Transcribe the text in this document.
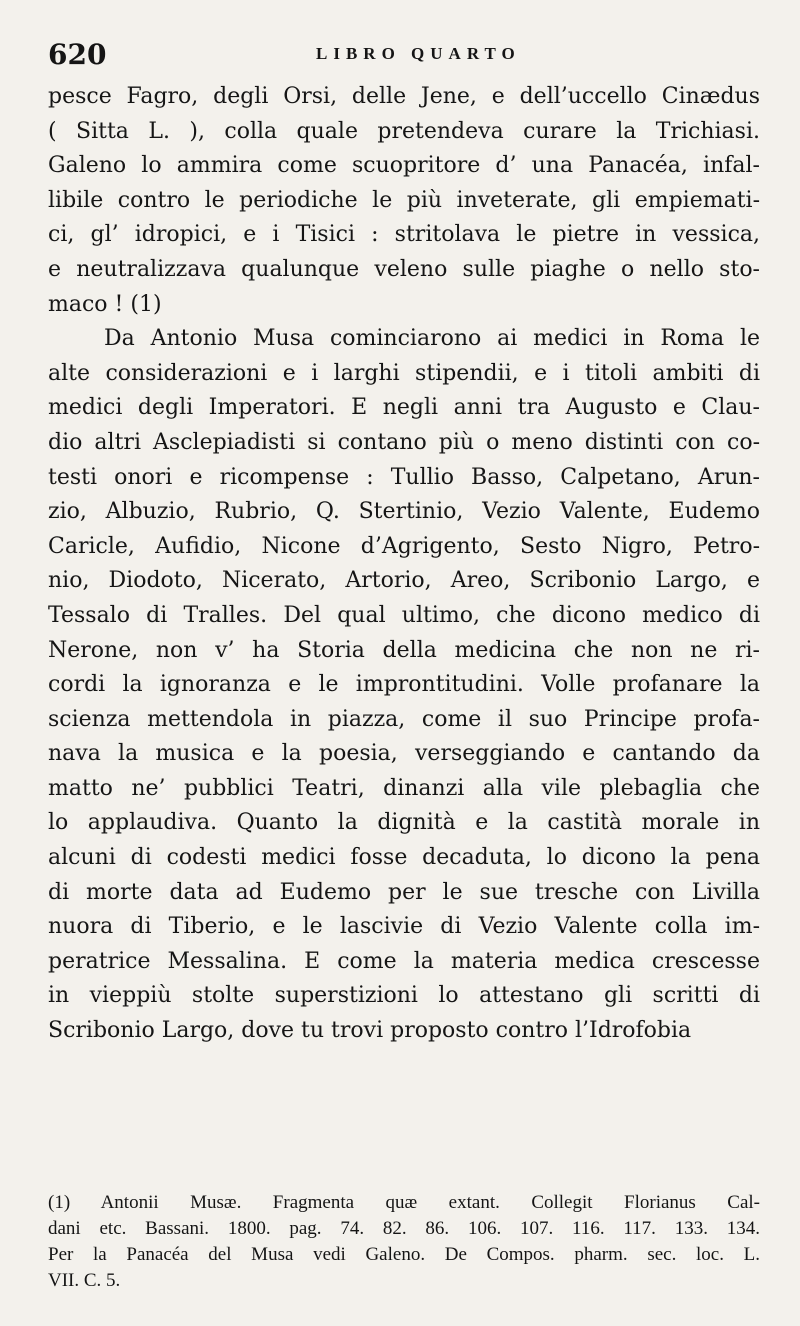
620	LIBRO QUARTO
pesce Fagro, degli Orsi, delle Jene, e dell’uccello Cinædus
( Sitta L. ), colla quale pretendeva curare la Trichiasi.
Galeno lo ammira come scuopritore d’ una Panacéa, infal-
libile contro le periodiche le più inveterate, gli empiemati-
ci, gl’ idropici, e i Tisici : stritolava le pietre in vessica,
e neutralizzava qualunque veleno sulle piaghe o nello sto-
maco ! (1)
Da Antonio Musa cominciarono ai medici in Roma le
alte considerazioni e i larghi stipendii, e i titoli ambiti di
medici degli Imperatori. E negli anni tra Augusto e Clau-
dio altri Asclepiadisti si contano più o meno distinti con co-
testi onori e ricompense : Tullio Basso, Calpetano, Arun-
zio, Albuzio, Rubrio, Q. Stertinio, Vezio Valente, Eudemo
Caricle, Aufidio, Nicone d’Agrigento, Sesto Nigro, Petro-
nio, Diodoto, Nicerato, Artorio, Areo, Scribonio Largo, e
Tessalo di Tralles. Del qual ultimo, che dicono medico di
Nerone, non v’ ha Storia della medicina che non ne ri-
cordi la ignoranza e le improntitudini. Volle profanare la
scienza mettendola in piazza, come il suo Principe profa-
nava la musica e la poesia, verseggiando e cantando da
matto ne’ pubblici Teatri, dinanzi alla vile plebaglia che
lo applaudiva. Quanto la dignità e la castità morale in
alcuni di codesti medici fosse decaduta, lo dicono la pena
di morte data ad Eudemo per le sue tresche con Livilla
nuora di Tiberio, e le lascivie di Vezio Valente colla im-
peratrice Messalina. E come la materia medica crescesse
in vieppiù stolte superstizioni lo attestano gli scritti di
Scribonio Largo, dove tu trovi proposto contro l’Idrofobia
(1) Antonii Musæ. Fragmenta quæ extant. Collegit Florianus Cal-
dani etc. Bassani. 1800. pag. 74. 82. 86. 106. 107. 116. 117. 133. 134.
Per la Panacéa del Musa vedi Galeno. De Compos. pharm. sec. loc. L.
VII. C. 5.
